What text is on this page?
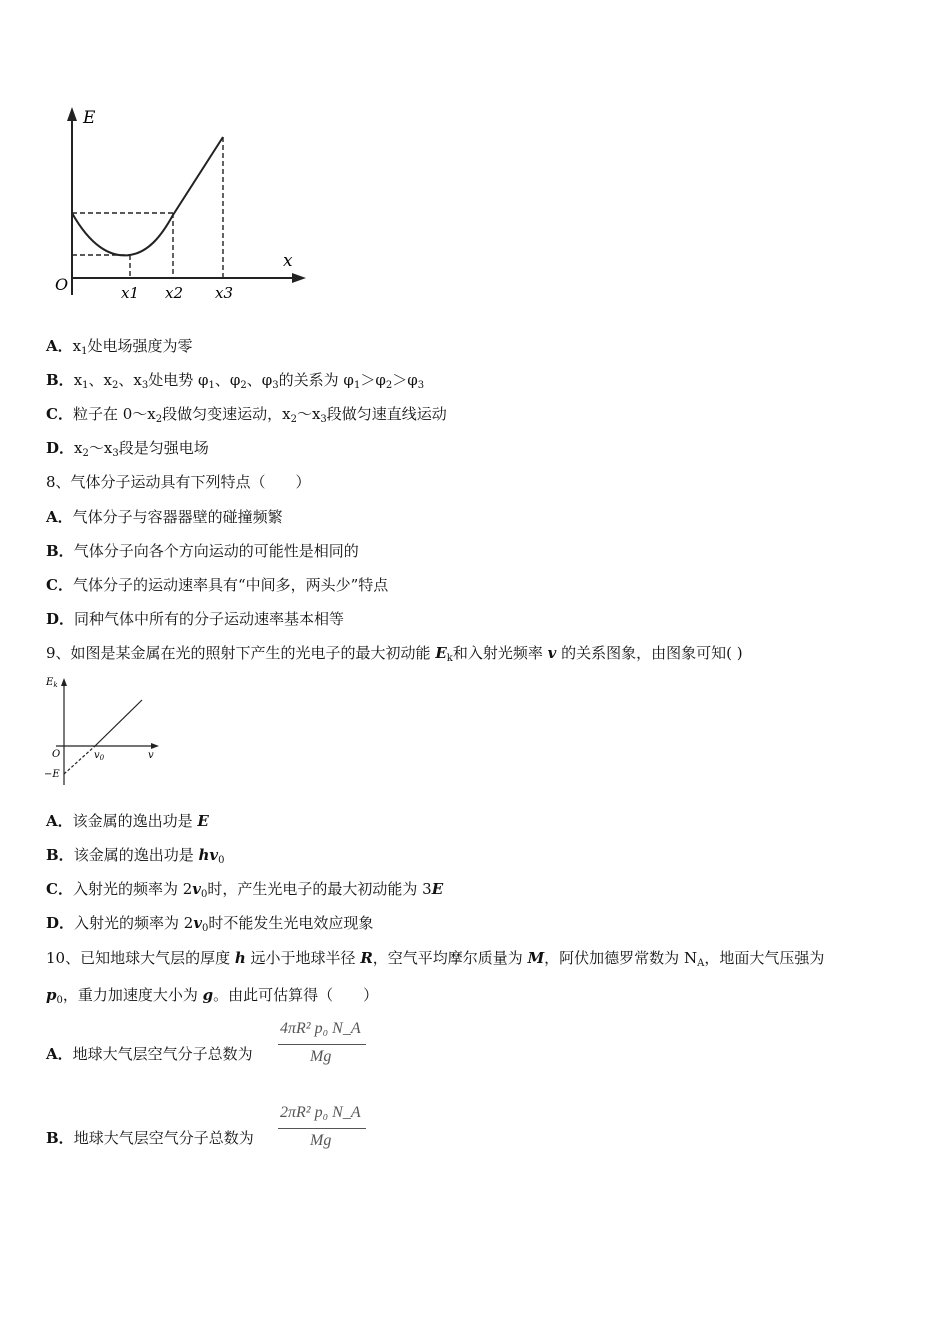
E
x
O	x1 x2 x3
A．$x_1$处电场强度为零
B．$x_1$、$x_2$、$x_3$处电势 $\varphi_1$、$\varphi_2$、$\varphi_3$的关系为 $\varphi_1>\varphi_2>\varphi_3$
C．粒子在 $0\sim x_2$段做匀变速运动，$x_2\sim x_3$段做匀速直线运动
D．$x_2\sim x_3$段是匀强电场
8、气体分子运动具有下列特点（　　）
A．气体分子与容器器壁的碰撞频繁
B．气体分子向各个方向运动的可能性是相同的
C．气体分子的运动速率具有“中间多，两头少”特点
D．同种气体中所有的分子运动速率基本相等
9、如图是某金属在光的照射下产生的光电子的最大初动能 $E_k$和入射光频率 v 的关系图象，由图象可知( )
$E_k$
O	v
$v_0$
−E
A．该金属的逸出功是 E
B．该金属的逸出功是 $hv_0$
C．入射光的频率为 $2v_0$时，产生光电子的最大初动能为 3E
D．入射光的频率为 $2v_0$时不能发生光电效应现象
10、已知地球大气层的厚度 h 远小于地球半径 R，空气平均摩尔质量为 M，阿伏加德罗常数为 $N_A$，地面大气压强为
$p_0$，重力加速度大小为 g。由此可估算得（　　）
A．地球大气层空气分子总数为
4πR² p₀ N_A
Mg
B．地球大气层空气分子总数为
2πR² p₀ N_A
Mg
